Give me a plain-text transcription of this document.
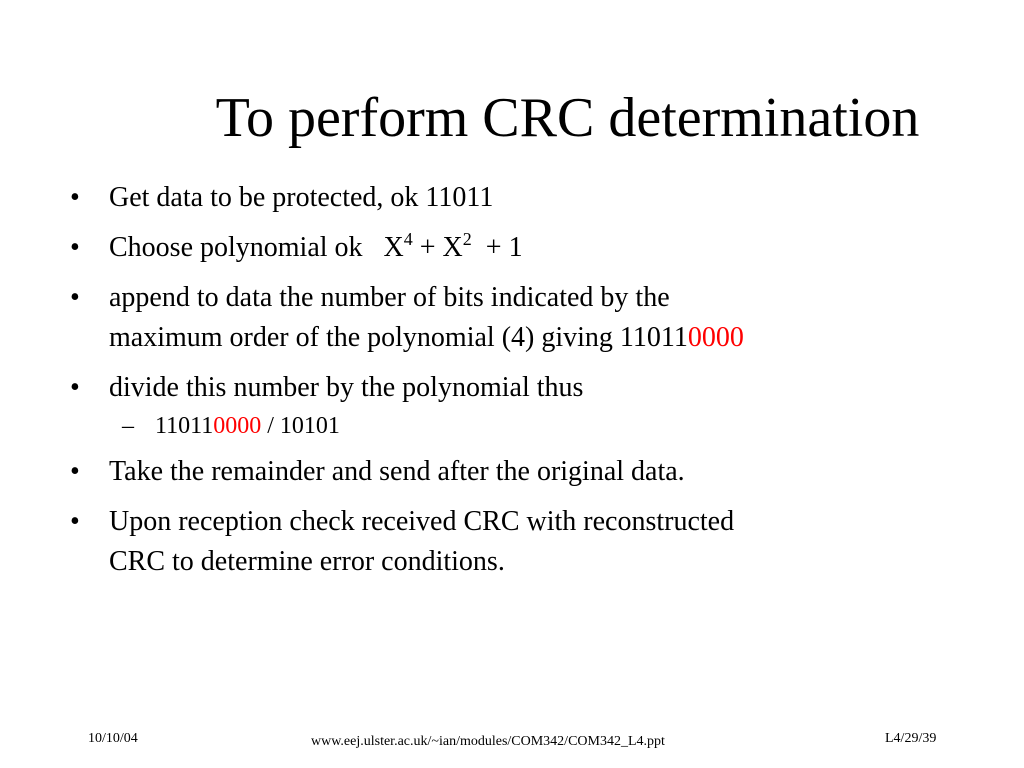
To perform CRC determination
•	Get data to be protected, ok 11011
•	Choose polynomial ok   $X^4 + X^2 + 1$
•	append to data the number of bits indicated by the
maximum order of the polynomial (4) giving 110110000
•	divide this number by the polynomial thus
– 110110000 / 10101
•	Take the remainder and send after the original data.
•	Upon reception check received CRC with reconstructed
CRC to determine error conditions.
10/10/04	www.eej.ulster.ac.uk/~ian/modules/COM342/COM342_L4.ppt	L4/29/39
